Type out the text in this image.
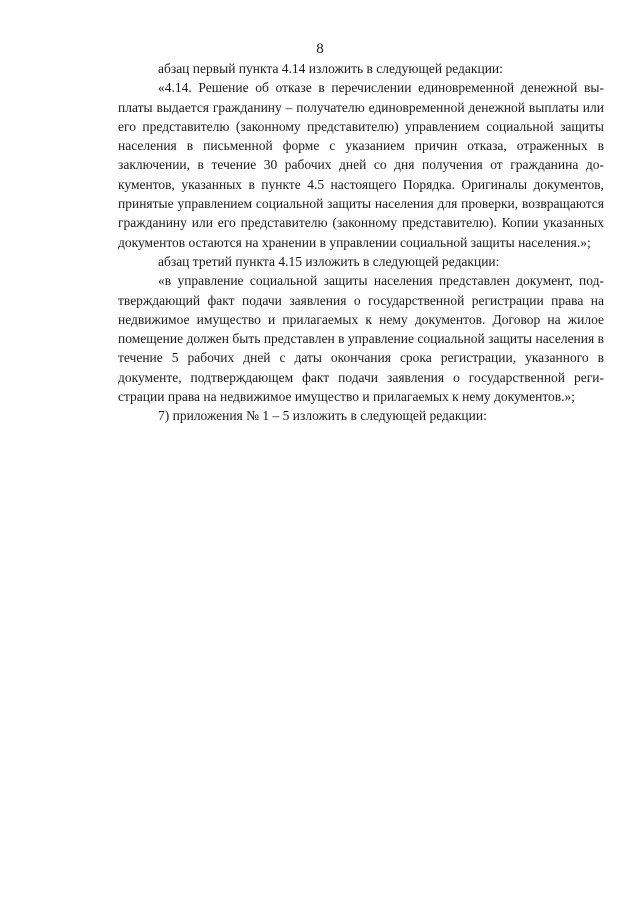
8

абзац первый пункта 4.14 изложить в следующей редакции:

«4.14. Решение об отказе в перечислении единовременной денежной выплаты выдается гражданину – получателю единовременной денежной выплаты или его представителю (законному представителю) управлением социальной защиты населения в письменной форме с указанием причин отказа, отраженных в заключении, в течение 30 рабочих дней со дня получения от гражданина документов, указанных в пункте 4.5 настоящего Порядка. Оригиналы документов, принятые управлением социальной защиты населения для проверки, возвращаются гражданину или его представителю (законному представителю). Копии указанных документов остаются на хранении в управлении социальной защиты населения.»;

абзац третий пункта 4.15 изложить в следующей редакции:

«в управление социальной защиты населения представлен документ, подтверждающий факт подачи заявления о государственной регистрации права на недвижимое имущество и прилагаемых к нему документов. Договор на жилое помещение должен быть представлен в управление социальной защиты населения в течение 5 рабочих дней с даты окончания срока регистрации, указанного в документе, подтверждающем факт подачи заявления о государственной регистрации права на недвижимое имущество и прилагаемых к нему документов.»;

7) приложения № 1 – 5 изложить в следующей редакции:
